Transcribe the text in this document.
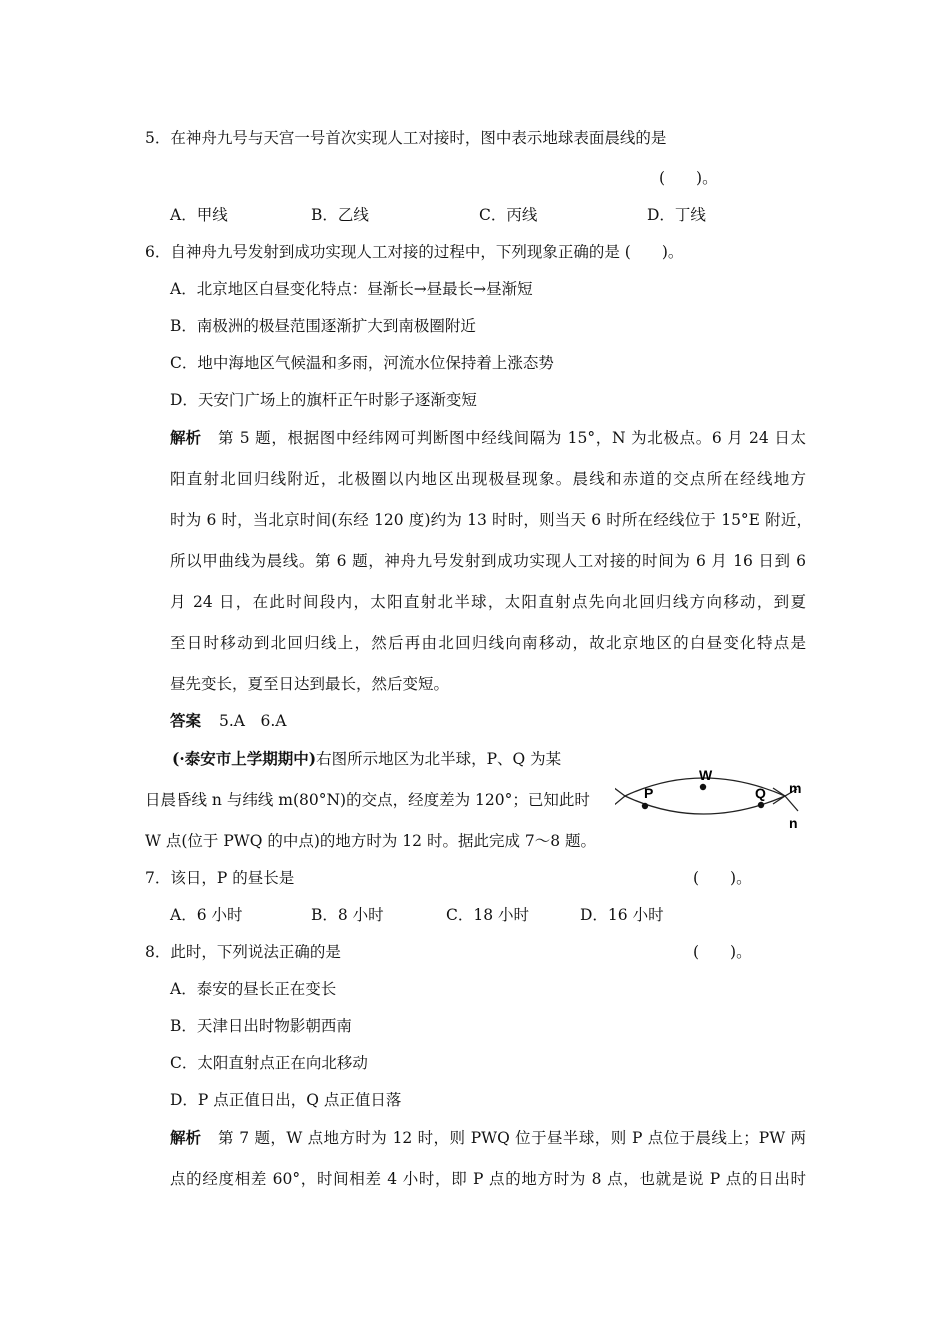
5．在神舟九号与天宫一号首次实现人工对接时，图中表示地球表面晨线的是
(　　)。
A．甲线	B．乙线	C．丙线	D．丁线
6．自神舟九号发射到成功实现人工对接的过程中，下列现象正确的是 (　　)。
A．北京地区白昼变化特点：昼渐长→昼最长→昼渐短
B．南极洲的极昼范围逐渐扩大到南极圈附近
C．地中海地区气候温和多雨，河流水位保持着上涨态势
D．天安门广场上的旗杆正午时影子逐渐变短
解析 第 5 题，根据图中经纬网可判断图中经线间隔为 15°，N 为北极点。6 月 24 日太
阳直射北回归线附近，北极圈以内地区出现极昼现象。晨线和赤道的交点所在经线地方
时为 6 时，当北京时间(东经 120 度)约为 13 时时，则当天 6 时所在经线位于 15°E 附近，
所以甲曲线为晨线。第 6 题，神舟九号发射到成功实现人工对接的时间为 6 月 16 日到 6
月 24 日，在此时间段内，太阳直射北半球，太阳直射点先向北回归线方向移动，到夏
至日时移动到北回归线上，然后再由北回归线向南移动，故北京地区的白昼变化特点是
昼先变长，夏至日达到最长，然后变短。
答案 5.A　6.A
(·泰安市上学期期中)右图所示地区为北半球，P、Q 为某
日晨昏线 n 与纬线 m(80°N)的交点，经度差为 120°；已知此时
W 点(位于 PWQ 的中点)的地方时为 12 时。据此完成 7～8 题。
P
W
Q m
n
7．该日，P 的昼长是	(　　)。
A．6 小时	B．8 小时	C．18 小时	D．16 小时
8．此时，下列说法正确的是	(　　)。
A．泰安的昼长正在变长
B．天津日出时物影朝西南
C．太阳直射点正在向北移动
D．P 点正值日出，Q 点正值日落
解析 第 7 题，W 点地方时为 12 时，则 PWQ 位于昼半球，则 P 点位于晨线上；PW 两
点的经度相差 60°，时间相差 4 小时，即 P 点的地方时为 8 点，也就是说 P 点的日出时
